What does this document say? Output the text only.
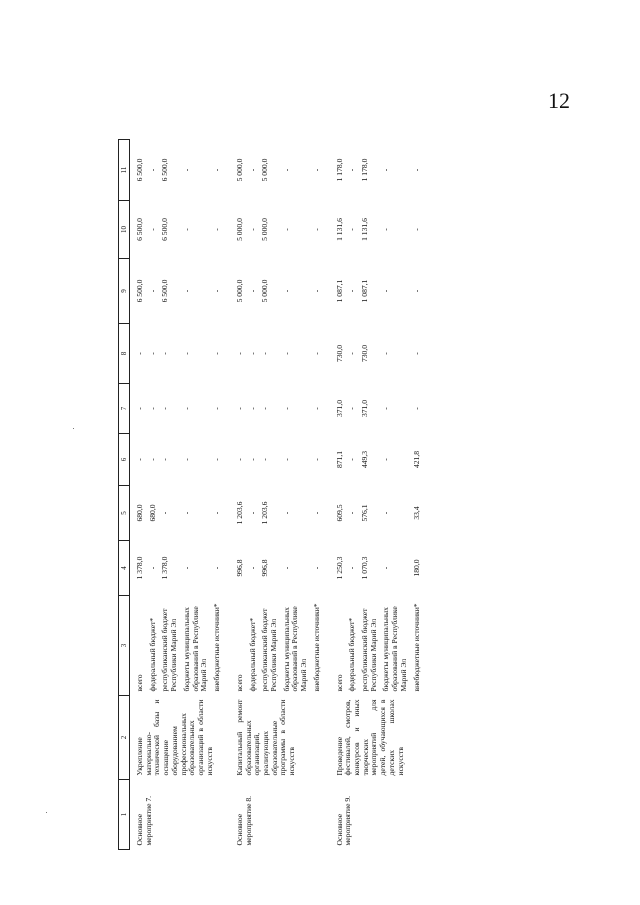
12
1	2	3	4	5	6	7	8	9	10	11
Основное мероприятие 7.	Укрепление материально-технической базы и оснащение оборудованием профессиональных образовательных организаций в области искусств	всего	1 378,0	680,0	-	-	-	6 500,0	6 500,0	6 500,0
		федеральный бюджет*	-	680,0	-	-	-	-	-	-
		республиканский бюджет Республики Марий Эл	1 378,0	-	-	-	-	6 500,0	6 500,0	6 500,0
		бюджеты муниципальных образований в Республике Марий Эл	-	-	-	-	-	-	-	-
		внебюджетные источники*	-	-	-	-	-	-	-	-

Основное мероприятие 8.	Капитальный ремонт образовательных организаций, реализующих образовательные программы в области искусств	всего	996,8	1 203,6	-	-	-	5 000,0	5 000,0	5 000,0
		федеральный бюджет*	-	-	-	-	-	-	-	-
		республиканский бюджет Республики Марий Эл	996,8	1 203,6	-	-	-	5 000,0	5 000,0	5 000,0
		бюджеты муниципальных образований в Республике Марий Эл	-	-	-	-	-	-	-	-
		внебюджетные источники*	-	-	-	-	-	-	-	-

Основное мероприятие 9.	Проведение фестивалей, смотров, конкурсов и иных творческих мероприятий для детей, обучающихся в детских школах искусств	всего	1 250,3	609,5	871,1	371,0	730,0	1 087,1	1 131,6	1 178,0
		федеральный бюджет*	-	-	-	-	-	-	-	-
		республиканский бюджет Республики Марий Эл	1 070,3	576,1	449,3	371,0	730,0	1 087,1	1 131,6	1 178,0
		бюджеты муниципальных образований в Республике Марий Эл	-	-	-	-	-	-	-	-
		внебюджетные источники*	180,0	33,4	421,8	-	-	-	-	-
